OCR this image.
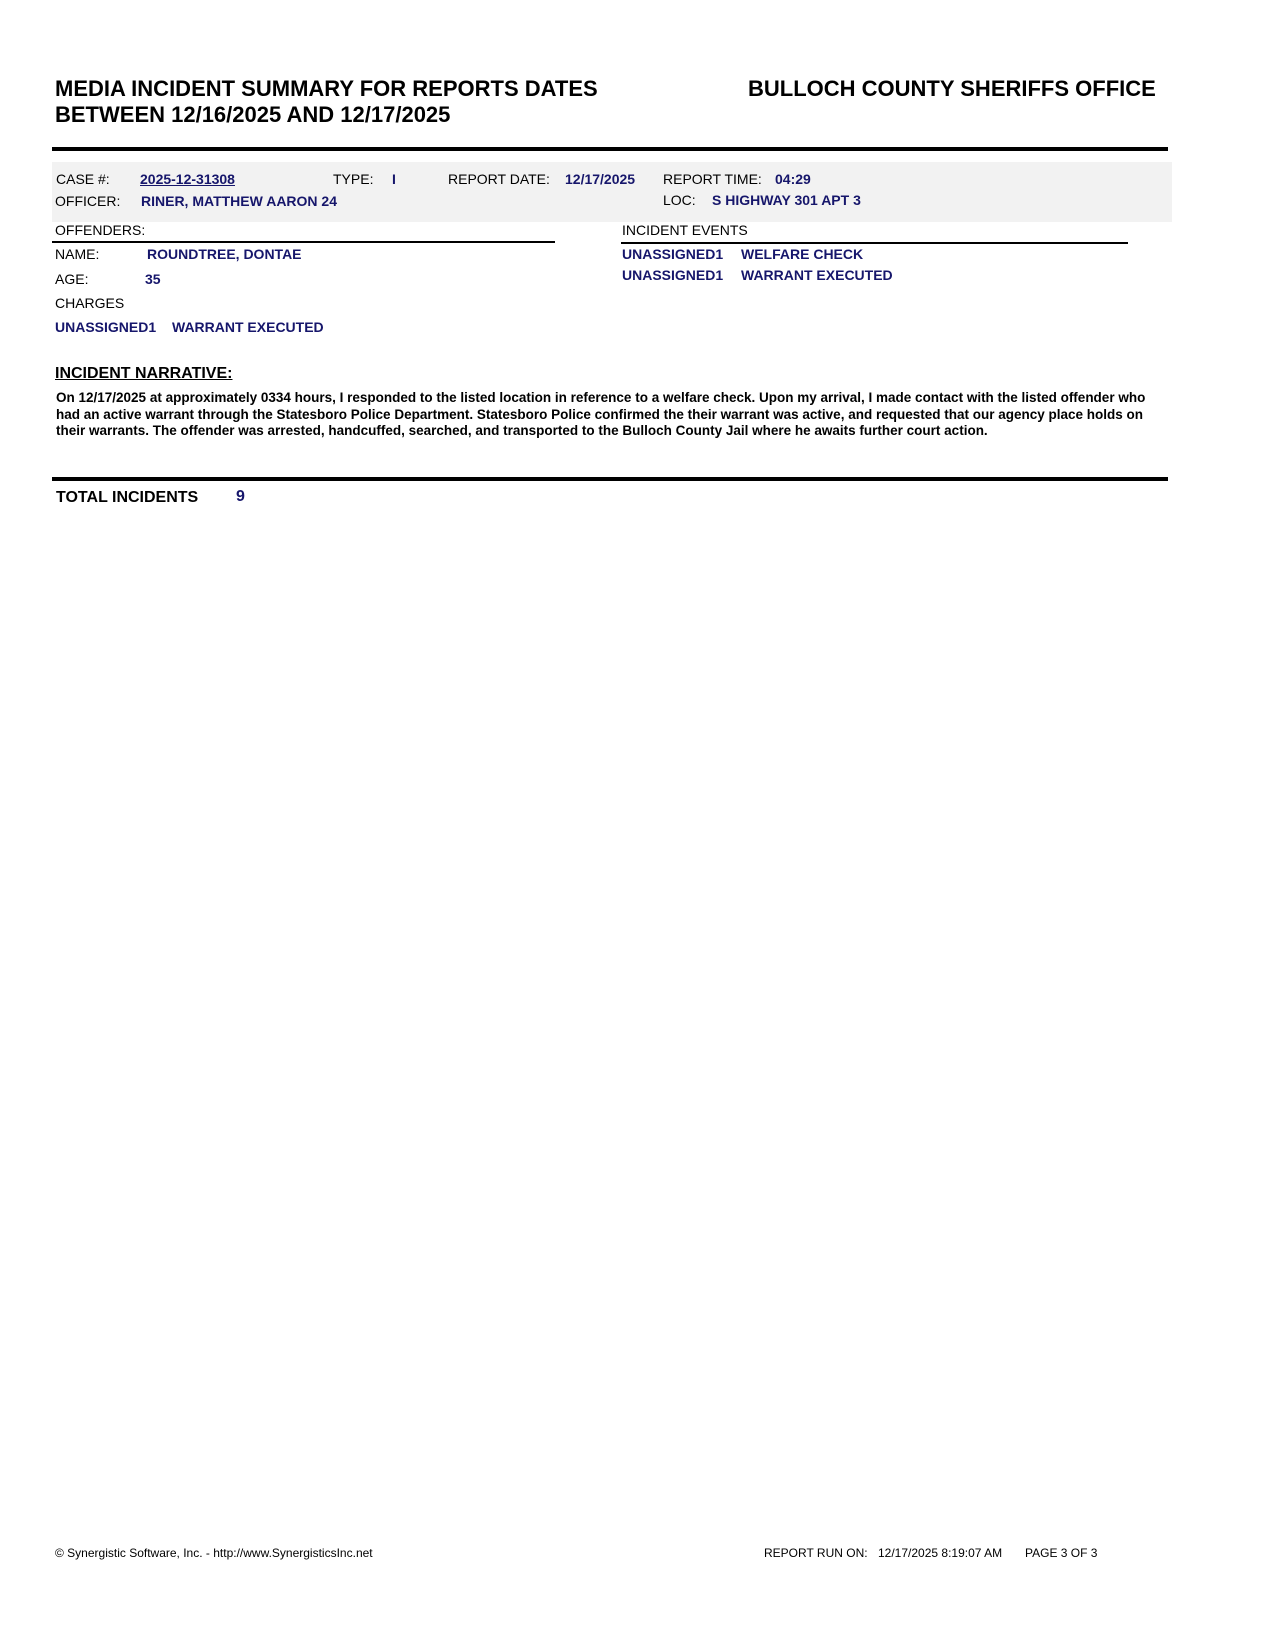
MEDIA INCIDENT SUMMARY FOR REPORTS DATES
BETWEEN 12/16/2025 AND 12/17/2025
BULLOCH COUNTY SHERIFFS OFFICE
CASE #: 2025-12-31308	TYPE: I	REPORT DATE: 12/17/2025 REPORT TIME: 04:29
OFFICER: RINER, MATTHEW AARON 24	LOC: S HIGHWAY 301 APT 3
OFFENDERS:
NAME:	ROUNDTREE, DONTAE
AGE:	35
CHARGES
UNASSIGNED1 WARRANT EXECUTED
INCIDENT EVENTS
UNASSIGNED1 WELFARE CHECK
UNASSIGNED1 WARRANT EXECUTED
INCIDENT NARRATIVE:
On 12/17/2025 at approximately 0334 hours, I responded to the listed location in reference to a welfare check. Upon my arrival, I made contact with the listed offender who had an active warrant through the Statesboro Police Department. Statesboro Police confirmed the their warrant was active, and requested that our agency place holds on their warrants. The offender was arrested, handcuffed, searched, and transported to the Bulloch County Jail where he awaits further court action.
TOTAL INCIDENTS 9
© Synergistic Software, Inc. - http://www.SynergisticsInc.net	REPORT RUN ON: 12/17/2025 8:19:07 AM PAGE 3 OF 3
